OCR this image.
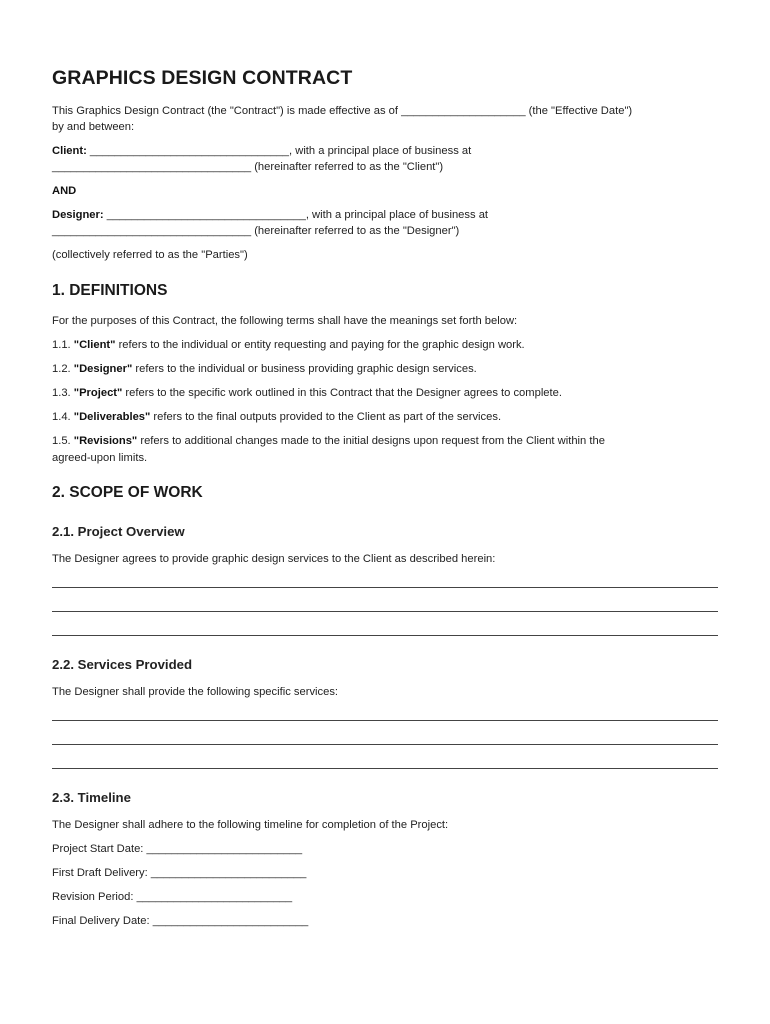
GRAPHICS DESIGN CONTRACT

This Graphics Design Contract (the "Contract") is made effective as of ____________________ (the "Effective Date")

by and between:

Client: ________________________________, with a principal place of business at

________________________________ (hereinafter referred to as the "Client")

AND

Designer: ________________________________, with a principal place of business at

________________________________ (hereinafter referred to as the "Designer")

(collectively referred to as the "Parties")

1. DEFINITIONS

For the purposes of this Contract, the following terms shall have the meanings set forth below:

1.1. "Client" refers to the individual or entity requesting and paying for the graphic design work.

1.2. "Designer" refers to the individual or business providing graphic design services.

1.3. "Project" refers to the specific work outlined in this Contract that the Designer agrees to complete.

1.4. "Deliverables" refers to the final outputs provided to the Client as part of the services.

1.5. "Revisions" refers to additional changes made to the initial designs upon request from the Client within the

agreed-upon limits.

2. SCOPE OF WORK
2.1. Project Overview

The Designer agrees to provide graphic design services to the Client as described herein:

2.2. Services Provided

The Designer shall provide the following specific services:

2.3. Timeline

The Designer shall adhere to the following timeline for completion of the Project:

Project Start Date: _________________________

First Draft Delivery: _________________________

Revision Period: _________________________

Final Delivery Date: _________________________
